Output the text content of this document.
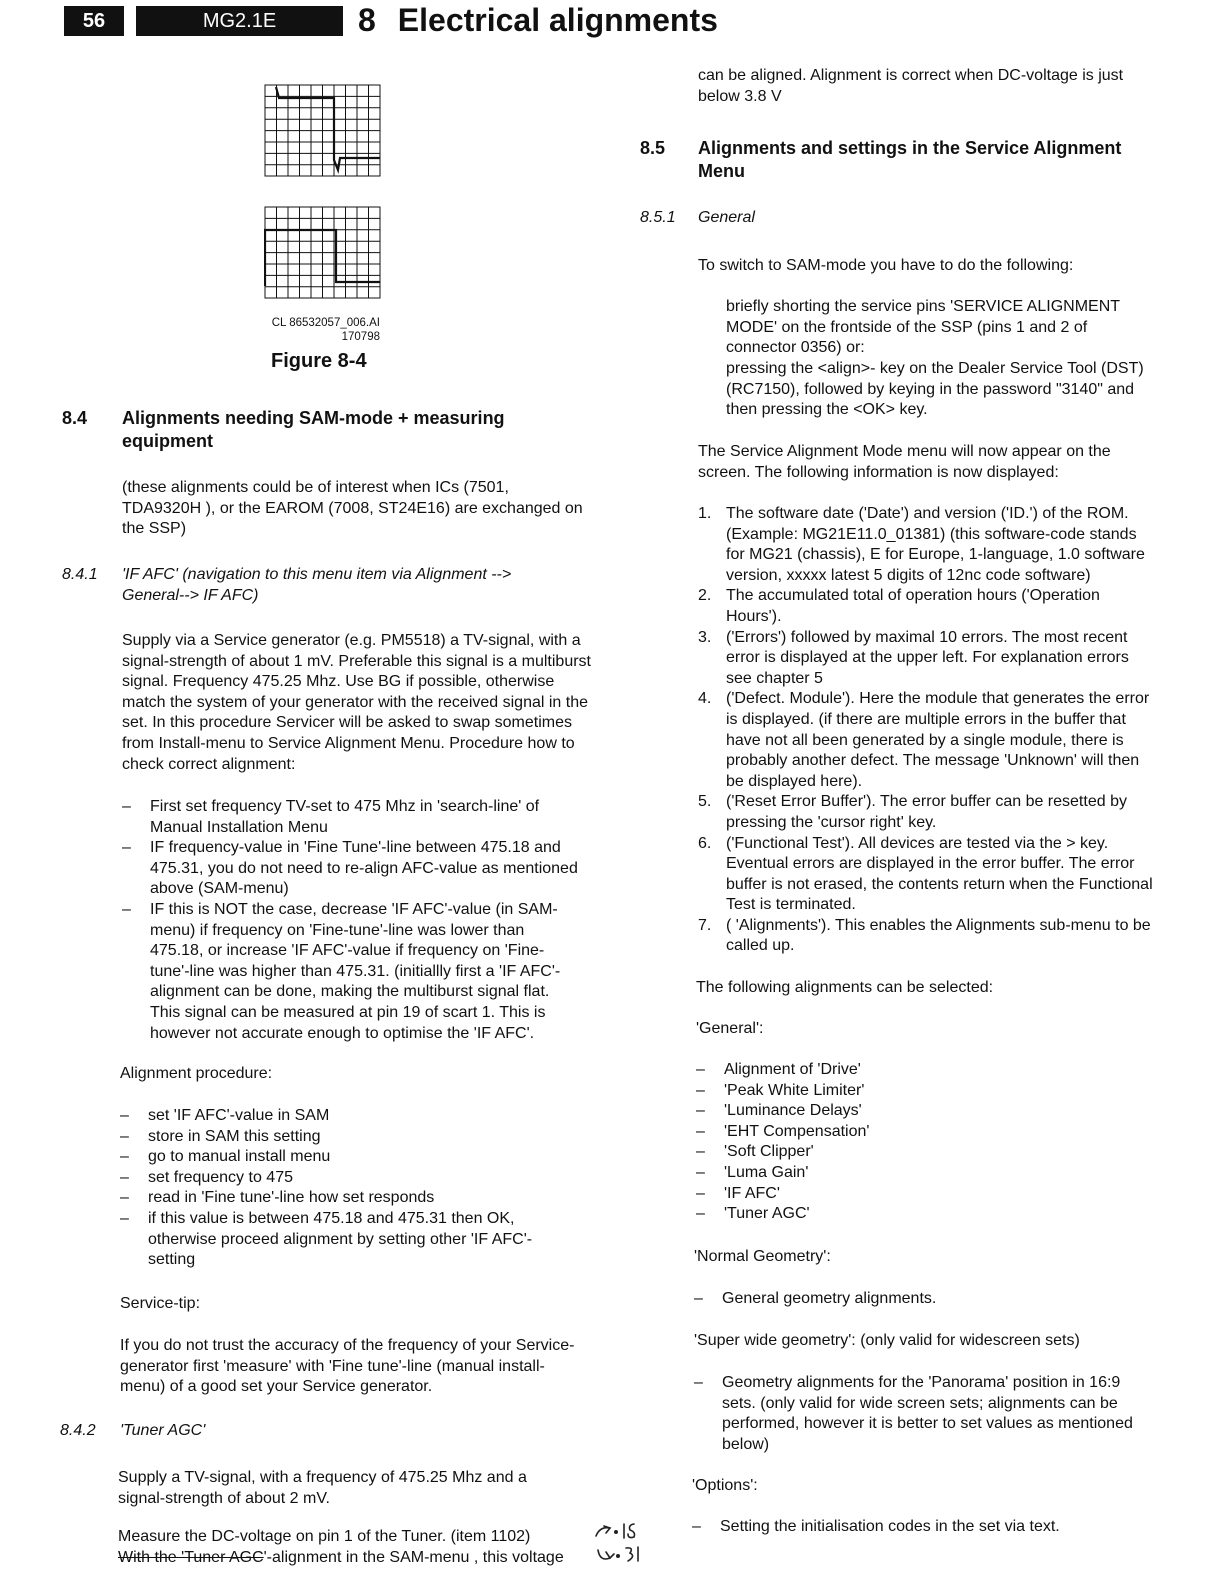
56	MG2.1E	8 Electrical alignments
CL 86532057_006.AI
170798
Figure 8-4
8.4 Alignments needing SAM-mode + measuring equipment

(these alignments could be of interest when ICs (7501, TDA9320H ), or the EAROM (7008, ST24E16) are exchanged on the SSP)

8.4.1 'IF AFC' (navigation to this menu item via Alignment --> General--> IF AFC)

Supply via a Service generator (e.g. PM5518) a TV-signal, with a signal-strength of about 1 mV. Preferable this signal is a multiburst signal. Frequency 475.25 Mhz. Use BG if possible, otherwise match the system of your generator with the received signal in the set. In this procedure Servicer will be asked to swap sometimes from Install-menu to Service Alignment Menu. Procedure how to check correct alignment:

– First set frequency TV-set to 475 Mhz in 'search-line' of Manual Installation Menu
– IF frequency-value in 'Fine Tune'-line between 475.18 and 475.31, you do not need to re-align AFC-value as mentioned above (SAM-menu)
– IF this is NOT the case, decrease 'IF AFC'-value (in SAM-menu) if frequency on 'Fine-tune'-line was lower than 475.18, or increase 'IF AFC'-value if frequency on 'Fine-tune'-line was higher than 475.31. (initiallly first a 'IF AFC'-alignment can be done, making the multiburst signal flat. This signal can be measured at pin 19 of scart 1. This is however not accurate enough to optimise the 'IF AFC'.

Alignment procedure:

– set 'IF AFC'-value in SAM
– store in SAM this setting
– go to manual install menu
– set frequency to 475
– read in 'Fine tune'-line how set responds
– if this value is between 475.18 and 475.31 then OK, otherwise proceed alignment by setting other 'IF AFC'-setting

Service-tip:

If you do not trust the accuracy of the frequency of your Service-generator first 'measure' with 'Fine tune'-line (manual install-menu) of a good set your Service generator.

8.4.2 'Tuner AGC'

Supply a TV-signal, with a frequency of 475.25 Mhz and a signal-strength of about 2 mV.

Measure the DC-voltage on pin 1 of the Tuner. (item 1102)
With the 'Tuner AGC'-alignment in the SAM-menu , this voltage

can be aligned. Alignment is correct when DC-voltage is just below 3.8 V

8.5 Alignments and settings in the Service Alignment Menu
8.5.1 General

To switch to SAM-mode you have to do the following:

briefly shorting the service pins 'SERVICE ALIGNMENT MODE' on the frontside of the SSP (pins 1 and 2 of connector 0356) or:

pressing the <align>- key on the Dealer Service Tool (DST) (RC7150), followed by keying in the password "3140" and then pressing the <OK> key.

The Service Alignment Mode menu will now appear on the screen. The following information is now displayed:

1. The software date ('Date') and version ('ID.') of the ROM. (Example: MG21E11.0_01381) (this software-code stands for MG21 (chassis), E for Europe, 1-language, 1.0 software version, xxxxx latest 5 digits of 12nc code software)
2. The accumulated total of operation hours ('Operation Hours').
3. ('Errors') followed by maximal 10 errors. The most recent error is displayed at the upper left. For explanation errors see chapter 5
4. ('Defect. Module'). Here the module that generates the error is displayed. (if there are multiple errors in the buffer that have not all been generated by a single module, there is probably another defect. The message 'Unknown' will then be displayed here).
5. ('Reset Error Buffer'). The error buffer can be resetted by pressing the 'cursor right' key.
6. ('Functional Test'). All devices are tested via the > key. Eventual errors are displayed in the error buffer. The error buffer is not erased, the contents return when the Functional Test is terminated.
7. ( 'Alignments'). This enables the Alignments sub-menu to be called up.

The following alignments can be selected:

'General':

– Alignment of 'Drive'
– 'Peak White Limiter'
– 'Luminance Delays'
– 'EHT Compensation'
– 'Soft Clipper'
– 'Luma Gain'
– 'IF AFC'
– 'Tuner AGC'

'Normal Geometry':

– General geometry alignments.

'Super wide geometry': (only valid for widescreen sets)

– Geometry alignments for the 'Panorama' position in 16:9 sets. (only valid for wide screen sets; alignments can be performed, however it is better to set values as mentioned below)

'Options':

– Setting the initialisation codes in the set via text.
